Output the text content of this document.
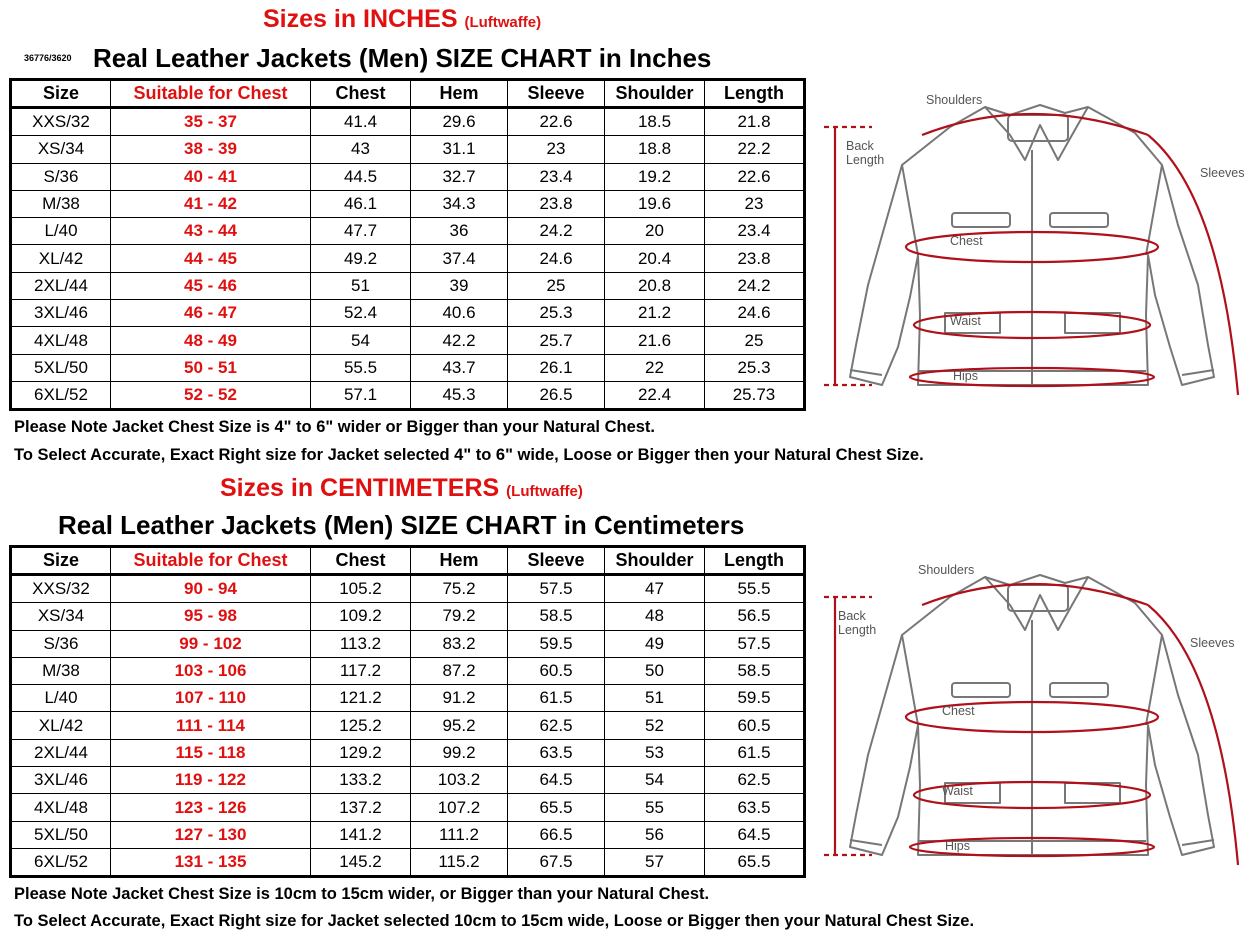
Sizes in INCHES (Luftwaffe)
36776/3620 Real Leather Jackets (Men) SIZE CHART in Inches
Size	Suitable for Chest	Chest	Hem	Sleeve	Shoulder	Length
XXS/32	35 - 37	41.4	29.6	22.6	18.5	21.8
XS/34	38 - 39	43	31.1	23	18.8	22.2
S/36	40 - 41	44.5	32.7	23.4	19.2	22.6
M/38	41 - 42	46.1	34.3	23.8	19.6	23
L/40	43 - 44	47.7	36	24.2	20	23.4
XL/42	44 - 45	49.2	37.4	24.6	20.4	23.8
2XL/44	45 - 46	51	39	25	20.8	24.2
3XL/46	46 - 47	52.4	40.6	25.3	21.2	24.6
4XL/48	48 - 49	54	42.2	25.7	21.6	25
5XL/50	50 - 51	55.5	43.7	26.1	22	25.3
6XL/52	52 - 52	57.1	45.3	26.5	22.4	25.73
Please Note Jacket Chest Size is 4" to 6" wider or Bigger than your Natural Chest.
To Select Accurate, Exact Right size for Jacket selected 4" to 6" wide, Loose or Bigger then your Natural Chest Size.
Sizes in CENTIMETERS (Luftwaffe)
Real Leather Jackets (Men) SIZE CHART in Centimeters
Size	Suitable for Chest	Chest	Hem	Sleeve	Shoulder	Length
XXS/32	90 - 94	105.2	75.2	57.5	47	55.5
XS/34	95 - 98	109.2	79.2	58.5	48	56.5
S/36	99 - 102	113.2	83.2	59.5	49	57.5
M/38	103 - 106	117.2	87.2	60.5	50	58.5
L/40	107 - 110	121.2	91.2	61.5	51	59.5
XL/42	111 - 114	125.2	95.2	62.5	52	60.5
2XL/44	115 - 118	129.2	99.2	63.5	53	61.5
3XL/46	119 - 122	133.2	103.2	64.5	54	62.5
4XL/48	123 - 126	137.2	107.2	65.5	55	63.5
5XL/50	127 - 130	141.2	111.2	66.5	56	64.5
6XL/52	131 - 135	145.2	115.2	67.5	57	65.5
Please Note Jacket Chest Size is 10cm to 15cm wider, or Bigger than your Natural Chest.
To Select Accurate, Exact Right size for Jacket selected 10cm to 15cm wide, Loose or Bigger then your Natural Chest Size.
Shoulders
Back
Length
Sleeves
Chest
Waist
Hips
Shoulders
Back
Length
Sleeves
Chest
Waist
Hips
